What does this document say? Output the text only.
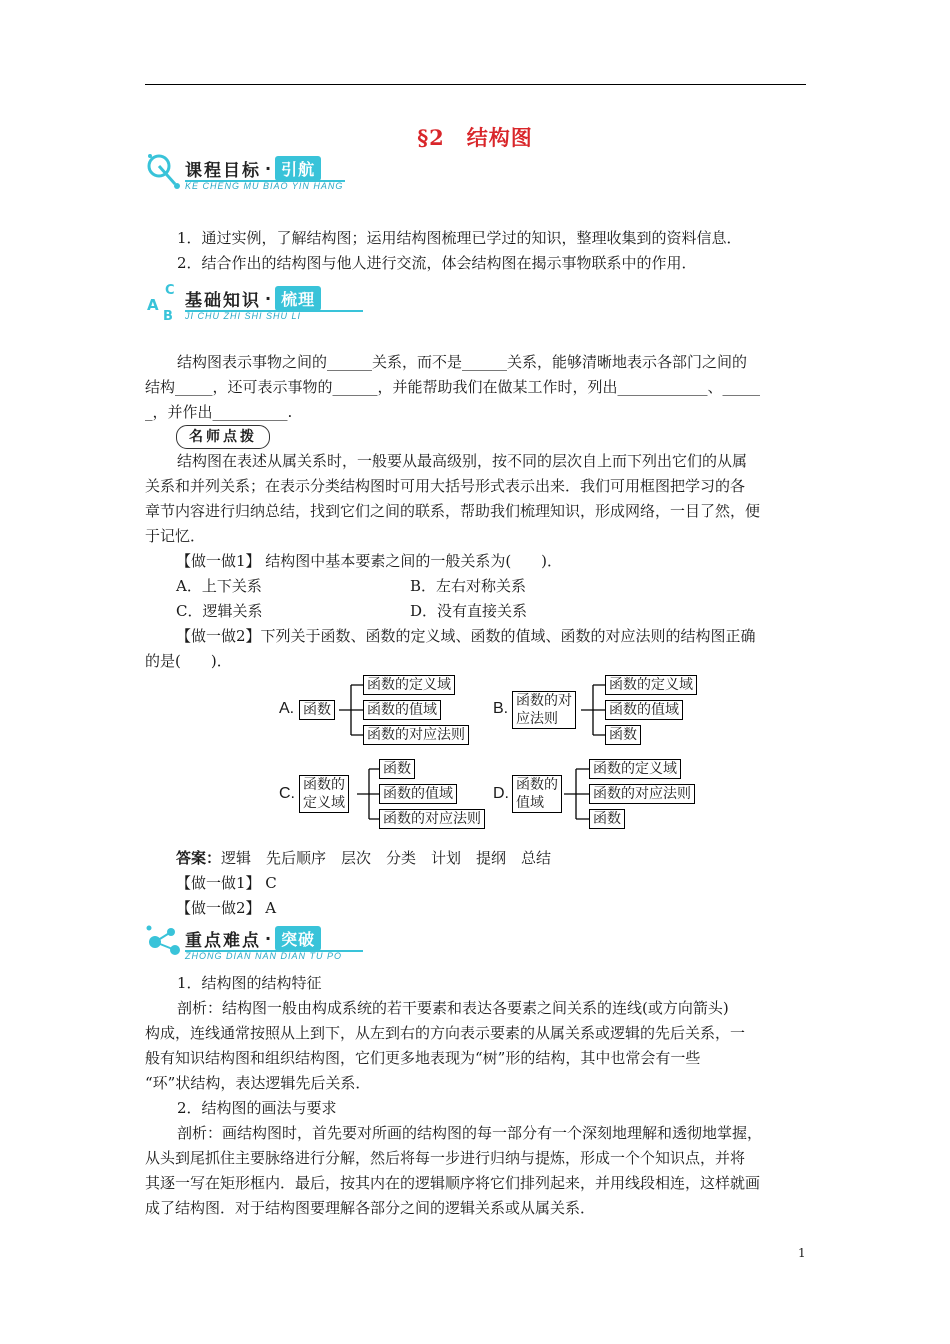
§2　结构图
课程目标 · 引航
KE CHENG MU BIAO YIN HANG

1．通过实例，了解结构图；运用结构图梳理已学过的知识，整理收集到的资料信息．

2．结合作出的结构图与他人进行交流，体会结构图在揭示事物联系中的作用．

C
A
B
基础知识 · 梳理
JI CHU ZHI SHI SHU LI

结构图表示事物之间的______关系，而不是______关系，能够清晰地表示各部门之间的

结构_____，还可表示事物的______，并能帮助我们在做某工作时，列出____________、_____

_，并作出__________.

名师点拨

结构图在表述从属关系时，一般要从最高级别，按不同的层次自上而下列出它们的从属

关系和并列关系；在表示分类结构图时可用大括号形式表示出来．我们可用框图把学习的各

章节内容进行归纳总结，找到它们之间的联系，帮助我们梳理知识，形成网络，一目了然，便

于记忆．

【做一做1】 结构图中基本要素之间的一般关系为(　　)．

A．上下关系	B．左右对称关系

C．逻辑关系	D．没有直接关系

【做一做2】下列关于函数、函数的定义域、函数的值域、函数的对应法则的结构图正确

的是(　　)．

A. 函数
函数的定义域
函数的值域
函数的对应法则
B. 函数的对
应法则
函数的定义域
函数的值域
函数
C. 函数的
定义域
函数
函数的值域
函数的对应法则
D. 函数的
值域
函数的定义域
函数的对应法则
函数

答案：逻辑　先后顺序　层次　分类　计划　提纲　总结

【做一做1】 C

【做一做2】 A

重点难点 · 突破
ZHONG DIAN NAN DIAN TU PO

1．结构图的结构特征

剖析：结构图一般由构成系统的若干要素和表达各要素之间关系的连线(或方向箭头)

构成，连线通常按照从上到下，从左到右的方向表示要素的从属关系或逻辑的先后关系，一

般有知识结构图和组织结构图，它们更多地表现为“树”形的结构，其中也常会有一些

“环”状结构，表达逻辑先后关系．

2．结构图的画法与要求

剖析：画结构图时，首先要对所画的结构图的每一部分有一个深刻地理解和透彻地掌握，

从头到尾抓住主要脉络进行分解，然后将每一步进行归纳与提炼，形成一个个知识点，并将

其逐一写在矩形框内．最后，按其内在的逻辑顺序将它们排列起来，并用线段相连，这样就画

成了结构图．对于结构图要理解各部分之间的逻辑关系或从属关系．

1
